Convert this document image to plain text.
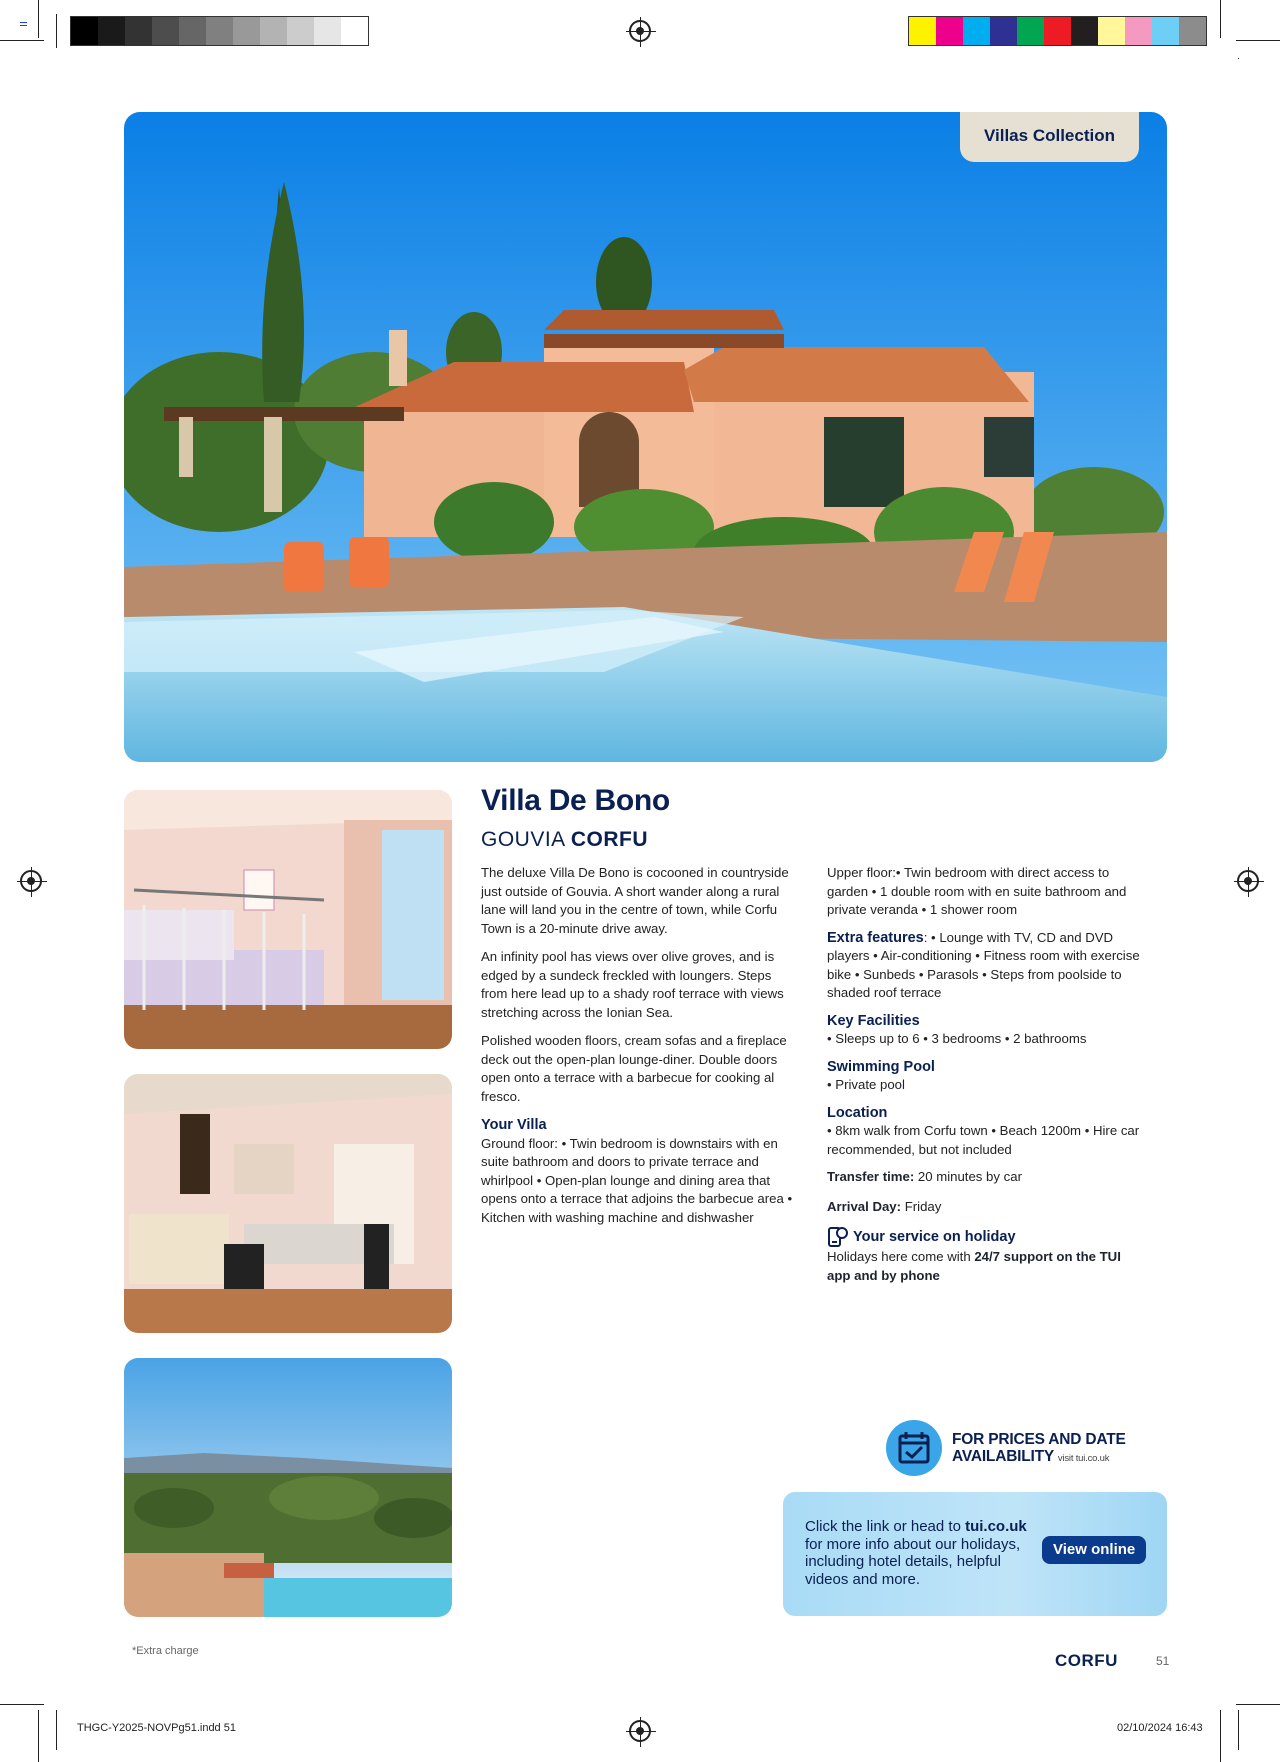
Villas Collection
Villa De Bono
GOUVIA CORFU

The deluxe Villa De Bono is cocooned in countryside just outside of Gouvia. A short wander along a rural lane will land you in the centre of town, while Corfu Town is a 20-minute drive away.

An infinity pool has views over olive groves, and is edged by a sundeck freckled with loungers. Steps from here lead up to a shady roof terrace with views stretching across the Ionian Sea.

Polished wooden floors, cream sofas and a fireplace deck out the open-plan lounge-diner. Double doors open onto a terrace with a barbecue for cooking al fresco.

Your Villa
Ground floor: • Twin bedroom is downstairs with en suite bathroom and doors to private terrace and whirlpool • Open-plan lounge and dining area that opens onto a terrace that adjoins the barbecue area • Kitchen with washing machine and dishwasher
Upper floor:• Twin bedroom with direct access to garden • 1 double room with en suite bathroom and private veranda • 1 shower room
Extra features: • Lounge with TV, CD and DVD players • Air-conditioning • Fitness room with exercise bike • Sunbeds • Parasols • Steps from poolside to shaded roof terrace
Key Facilities
• Sleeps up to 6 • 3 bedrooms • 2 bathrooms
Swimming Pool
• Private pool
Location
• 8km walk from Corfu town • Beach 1200m • Hire car recommended, but not included
Transfer time: 20 minutes by car
Arrival Day: Friday
Your service on holiday
Holidays here come with 24/7 support on the TUI app and by phone
FOR PRICES AND DATE
AVAILABILITY visit tui.co.uk
Click the link or head to tui.co.uk for more info about our holidays, including hotel details, helpful videos and more.
View online
*Extra charge	CORFU	51
THGC-Y2025-NOVPg51.indd 51	02/10/2024 16:43
